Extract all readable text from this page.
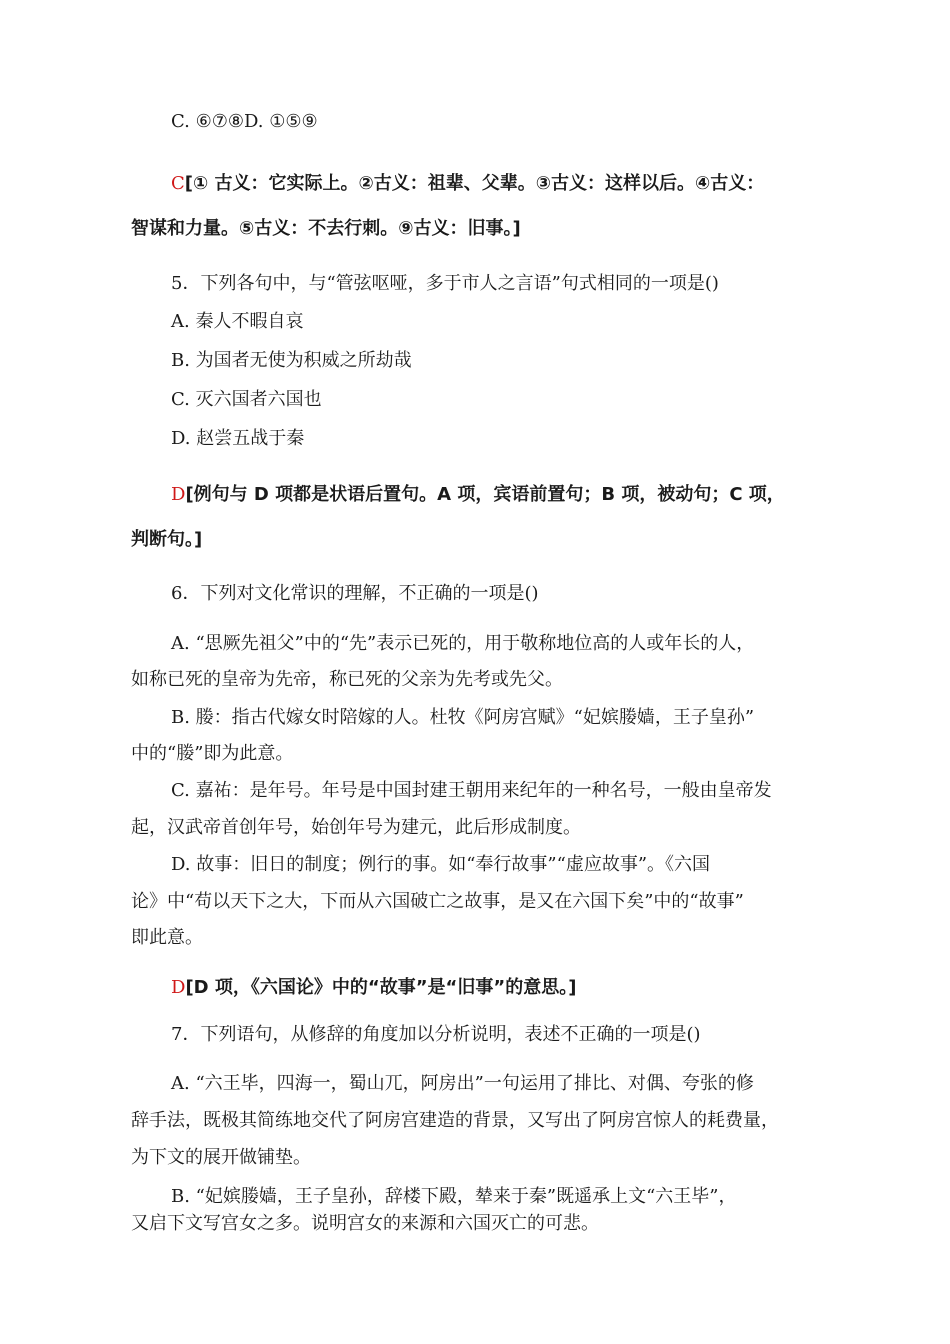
C. ⑥⑦⑧D. ①⑤⑨
C[① 古义：它实际上。②古义：祖辈、父辈。③古义：这样以后。④古义：
智谋和力量。⑤古义：不去行刺。⑨古义：旧事。]
5．下列各句中，与“管弦呕哑，多于市人之言语”句式相同的一项是()
A. 秦人不暇自哀
B. 为国者无使为积威之所劫哉
C. 灭六国者六国也
D. 赵尝五战于秦
D[例句与 D 项都是状语后置句。A 项，宾语前置句；B 项，被动句；C 项，
判断句。]
6．下列对文化常识的理解，不正确的一项是()
A. “思厥先祖父”中的“先”表示已死的，用于敬称地位高的人或年长的人，
如称已死的皇帝为先帝，称已死的父亲为先考或先父。
B. 媵：指古代嫁女时陪嫁的人。杜牧《阿房宫赋》“妃嫔媵嫱，王子皇孙”
中的“媵”即为此意。
C. 嘉祐：是年号。年号是中国封建王朝用来纪年的一种名号，一般由皇帝发
起，汉武帝首创年号，始创年号为建元，此后形成制度。
D. 故事：旧日的制度；例行的事。如“奉行故事”“虚应故事”。《六国
论》中“苟以天下之大，下而从六国破亡之故事，是又在六国下矣”中的“故事”
即此意。
D[D 项，《六国论》中的“故事”是“旧事”的意思。]
7．下列语句，从修辞的角度加以分析说明，表述不正确的一项是()
A. “六王毕，四海一，蜀山兀，阿房出”一句运用了排比、对偶、夸张的修
辞手法，既极其简练地交代了阿房宫建造的背景，又写出了阿房宫惊人的耗费量，
为下文的展开做铺垫。
B. “妃嫔媵嫱，王子皇孙，辞楼下殿，辇来于秦”既遥承上文“六王毕”，
又启下文写宫女之多。说明宫女的来源和六国灭亡的可悲。
